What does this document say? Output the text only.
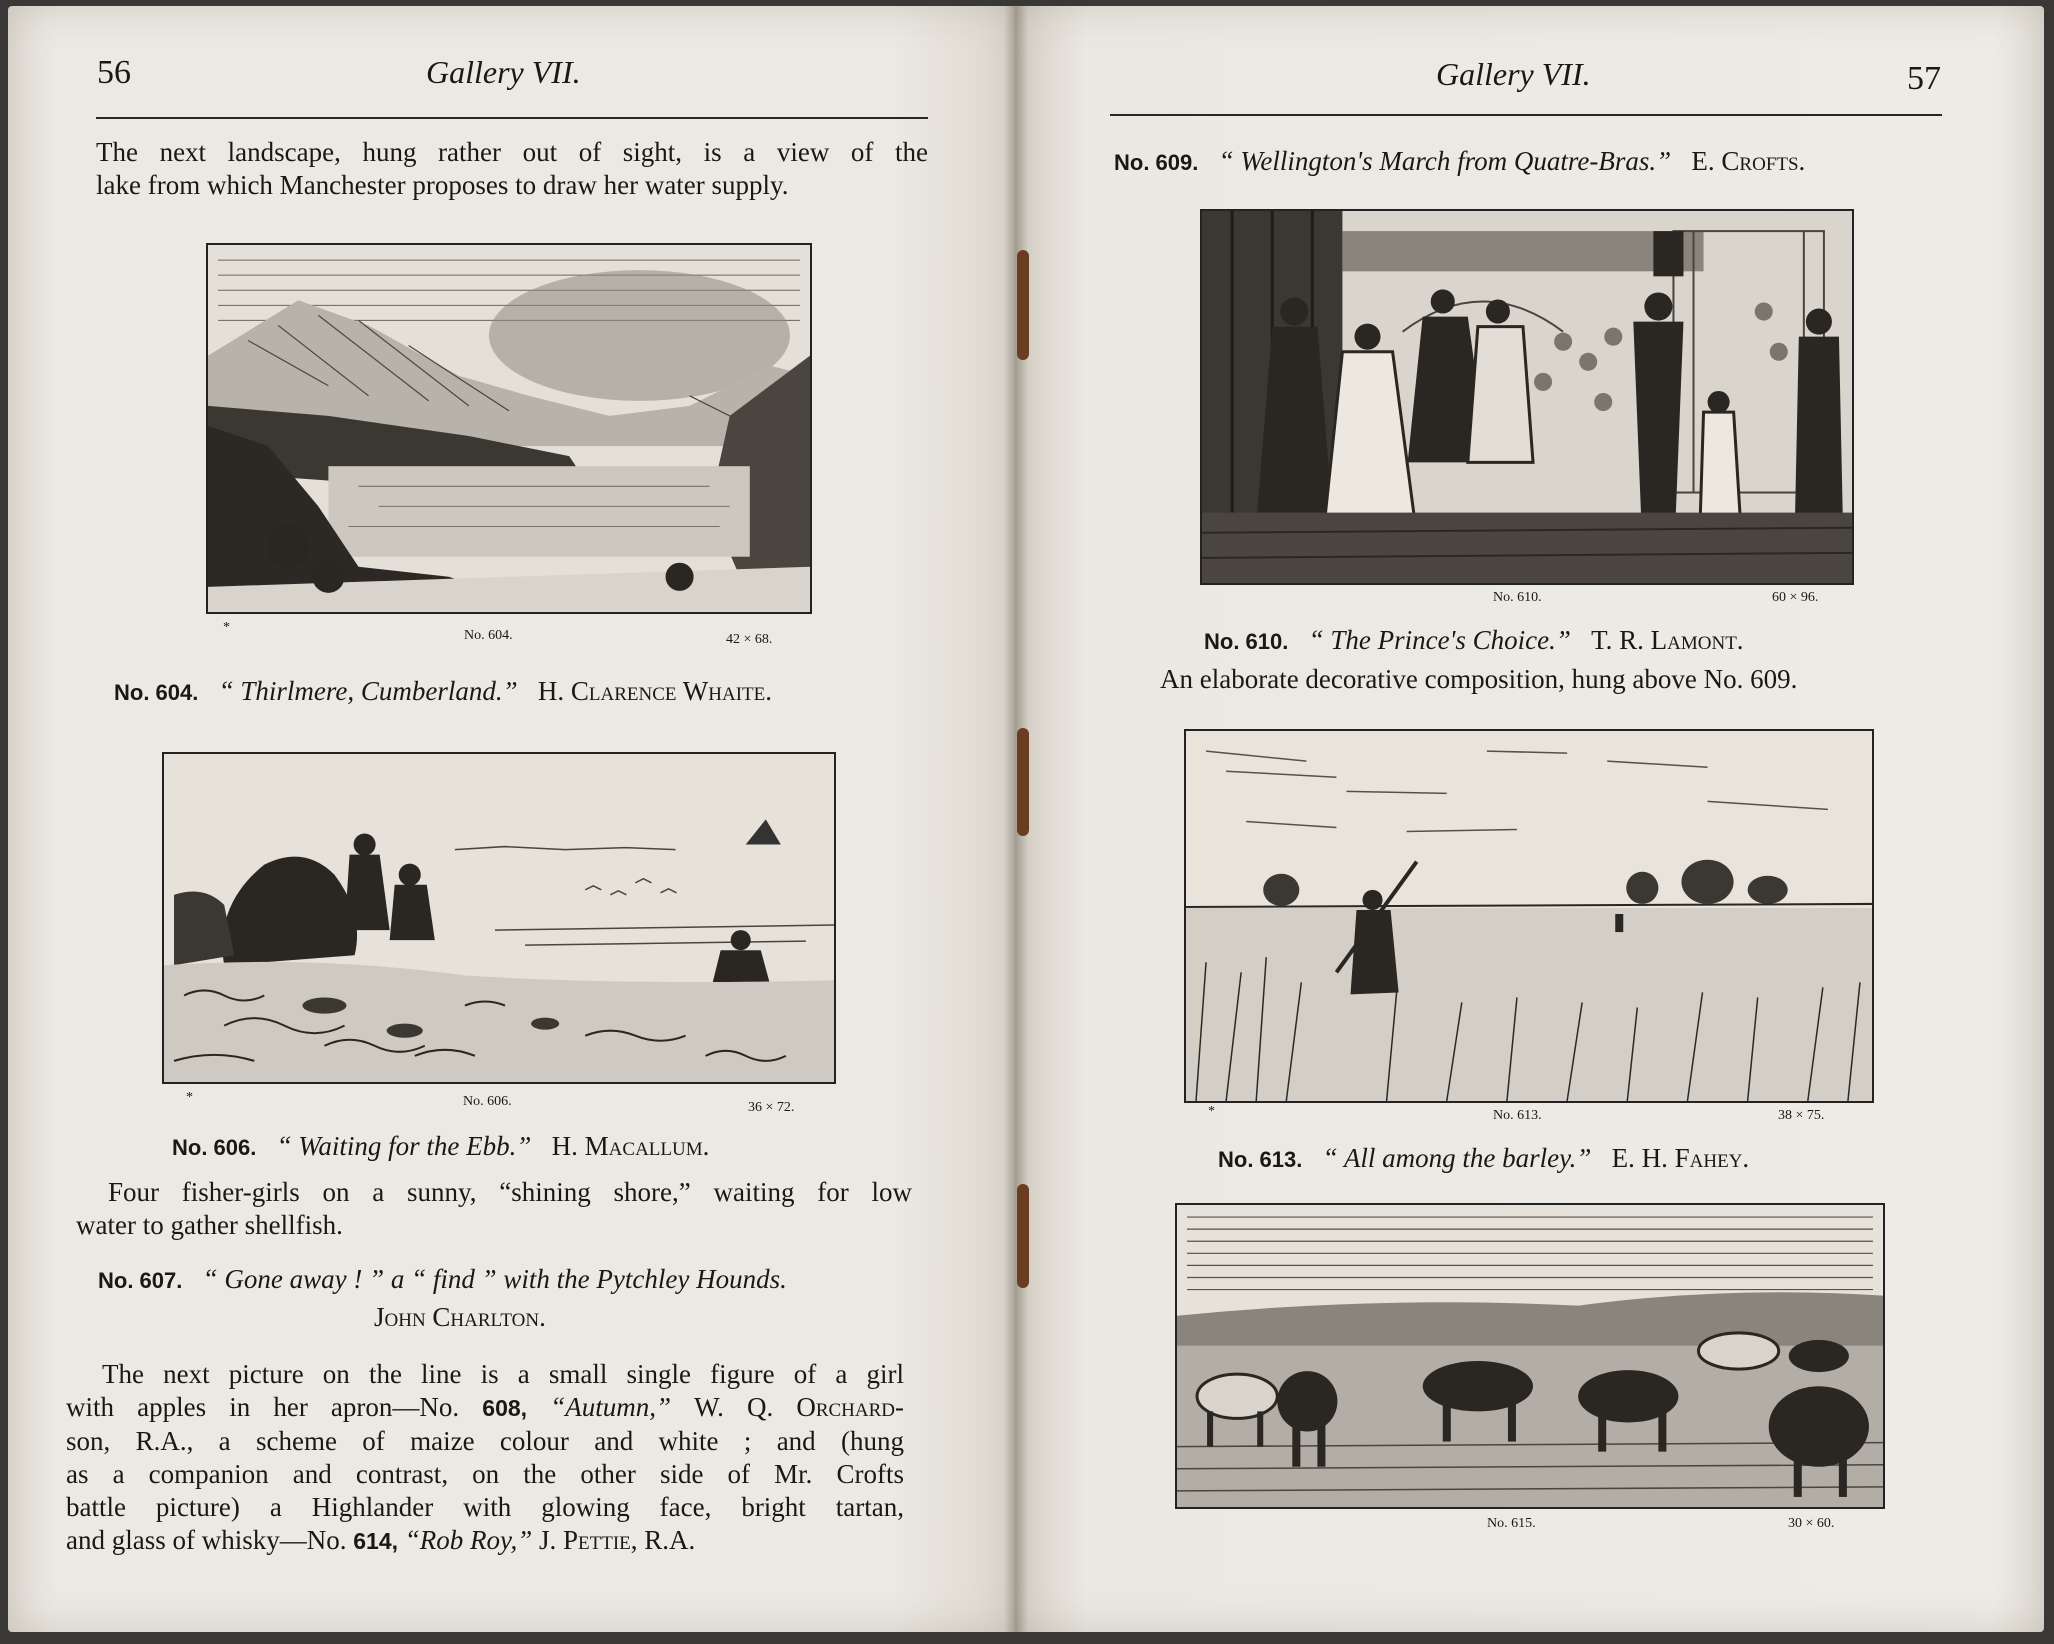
56	Gallery VII.
The next landscape, hung rather out of sight, is a view of the
lake from which Manchester proposes to draw her water supply.
*
No. 604.	42 × 68.
No. 604. “ Thirlmere, Cumberland.” H. Clarence Whaite.
*	No. 606.	36 × 72.
No. 606. “ Waiting for the Ebb.” H. Macallum.
Four fisher-girls on a sunny, “shining shore,” waiting for low
water to gather shellfish.
No. 607. “ Gone away ! ” a “ find ” with the Pytchley Hounds.
John Charlton.
The next picture on the line is a small single figure of a girl
with apples in her apron—No. 608, “Autumn,” W. Q. Orchard-
son, R.A., a scheme of maize colour and white ; and (hung
as a companion and contrast, on the other side of Mr. Crofts
battle picture) a Highlander with glowing face, bright tartan,
and glass of whisky—No. 614, “Rob Roy,” J. Pettie, R.A.
Gallery VII.	57
No. 609. “ Wellington's March from Quatre-Bras.” E. Crofts.
No. 610.	60 × 96.
No. 610. “ The Prince's Choice.” T. R. Lamont.
An elaborate decorative composition, hung above No. 609.
*	No. 613.	38 × 75.
No. 613. “ All among the barley.” E. H. Fahey.
No. 615.	30 × 60.
